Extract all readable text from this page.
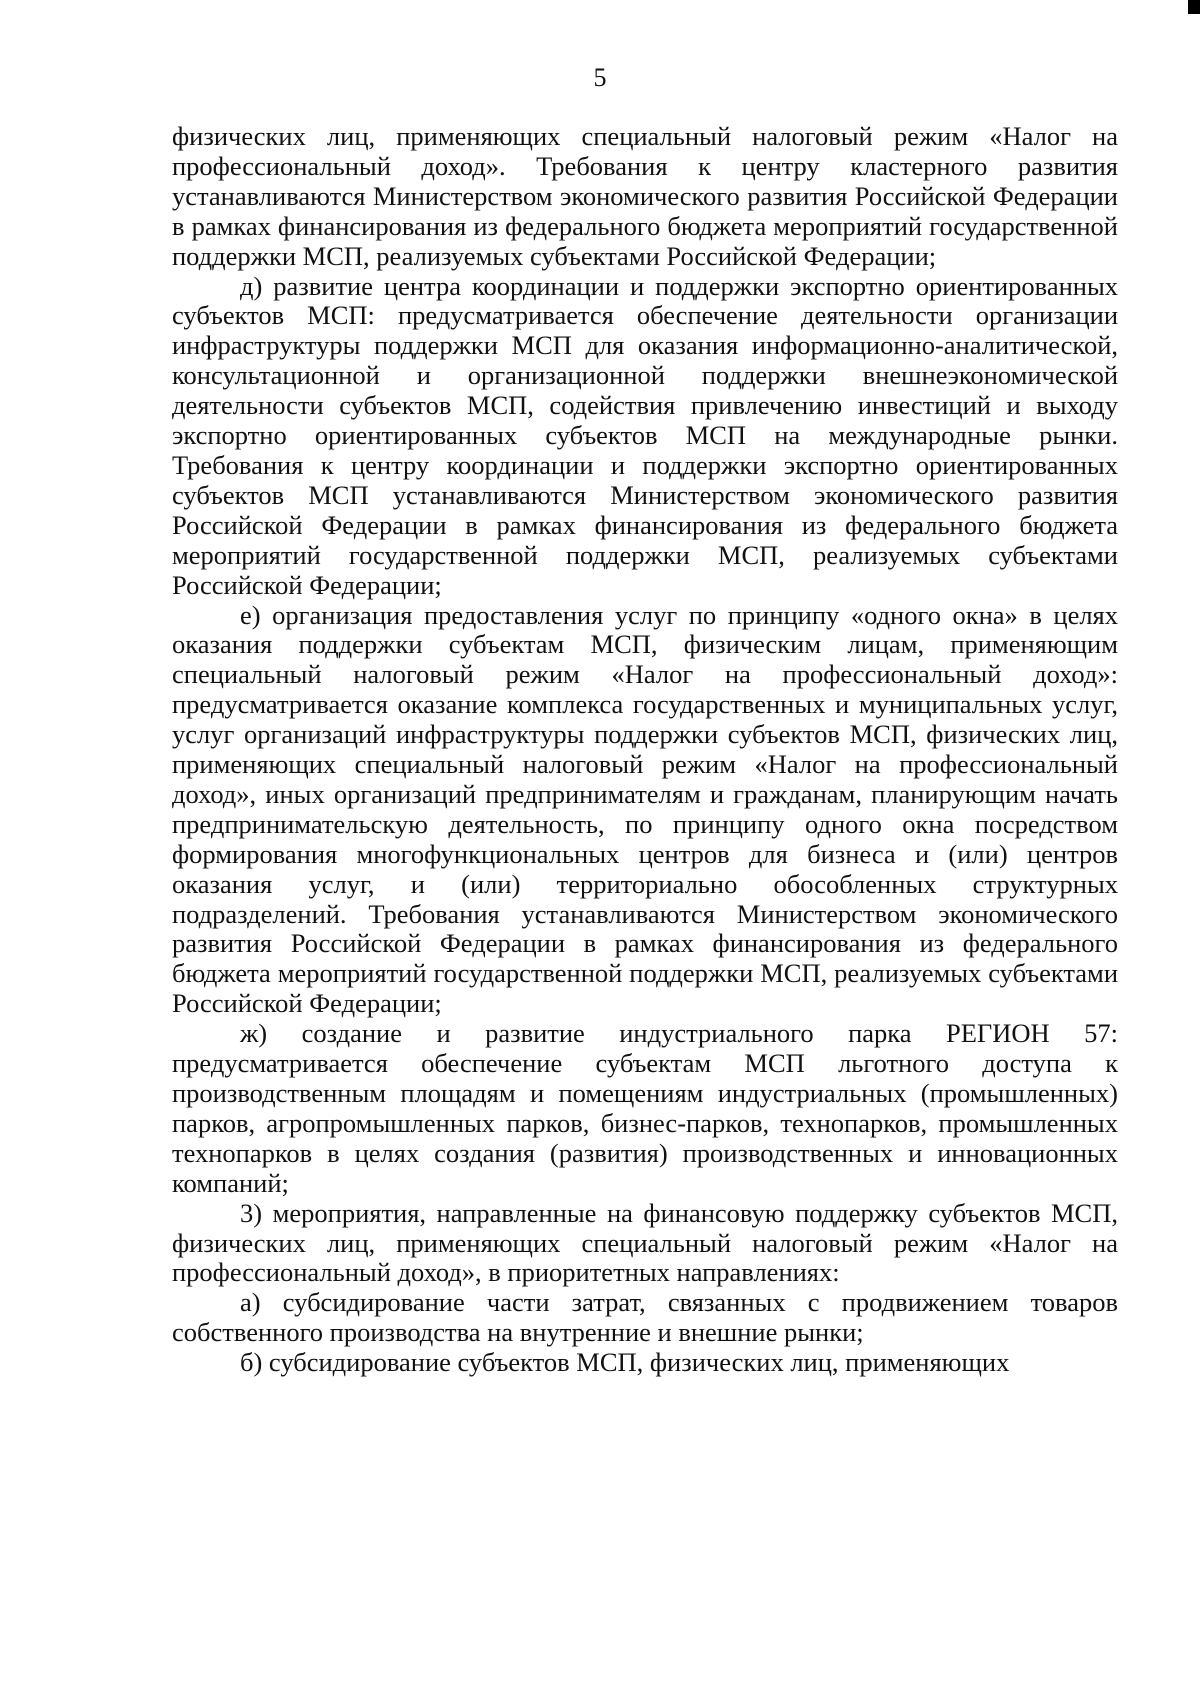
5

физических лиц, применяющих специальный налоговый режим «Налог на профессиональный доход». Требования к центру кластерного развития устанавливаются Министерством экономического развития Российской Федерации в рамках финансирования из федерального бюджета мероприятий государственной поддержки МСП, реализуемых субъектами Российской Федерации;

д) развитие центра координации и поддержки экспортно ориентированных субъектов МСП: предусматривается обеспечение деятельности организации инфраструктуры поддержки МСП для оказания информационно-аналитической, консультационной и организационной поддержки внешнеэкономической деятельности субъектов МСП, содействия привлечению инвестиций и выходу экспортно ориентированных субъектов МСП на международные рынки. Требования к центру координации и поддержки экспортно ориентированных субъектов МСП устанавливаются Министерством экономического развития Российской Федерации в рамках финансирования из федерального бюджета мероприятий государственной поддержки МСП, реализуемых субъектами Российской Федерации;

е) организация предоставления услуг по принципу «одного окна» в целях оказания поддержки субъектам МСП, физическим лицам, применяющим специальный налоговый режим «Налог на профессиональный доход»: предусматривается оказание комплекса государственных и муниципальных услуг, услуг организаций инфраструктуры поддержки субъектов МСП, физических лиц, применяющих специальный налоговый режим «Налог на профессиональный доход», иных организаций предпринимателям и гражданам, планирующим начать предпринимательскую деятельность, по принципу одного окна посредством формирования многофункциональных центров для бизнеса и (или) центров оказания услуг, и (или) территориально обособленных структурных подразделений. Требования устанавливаются Министерством экономического развития Российской Федерации в рамках финансирования из федерального бюджета мероприятий государственной поддержки МСП, реализуемых субъектами Российской Федерации;

ж) создание и развитие индустриального парка РЕГИОН 57: предусматривается обеспечение субъектам МСП льготного доступа к производственным площадям и помещениям индустриальных (промышленных) парков, агропромышленных парков, бизнес-парков, технопарков, промышленных технопарков в целях создания (развития) производственных и инновационных компаний;

3) мероприятия, направленные на финансовую поддержку субъектов МСП, физических лиц, применяющих специальный налоговый режим «Налог на профессиональный доход», в приоритетных направлениях:

а) субсидирование части затрат, связанных с продвижением товаров собственного производства на внутренние и внешние рынки;

б) субсидирование субъектов МСП, физических лиц, применяющих
